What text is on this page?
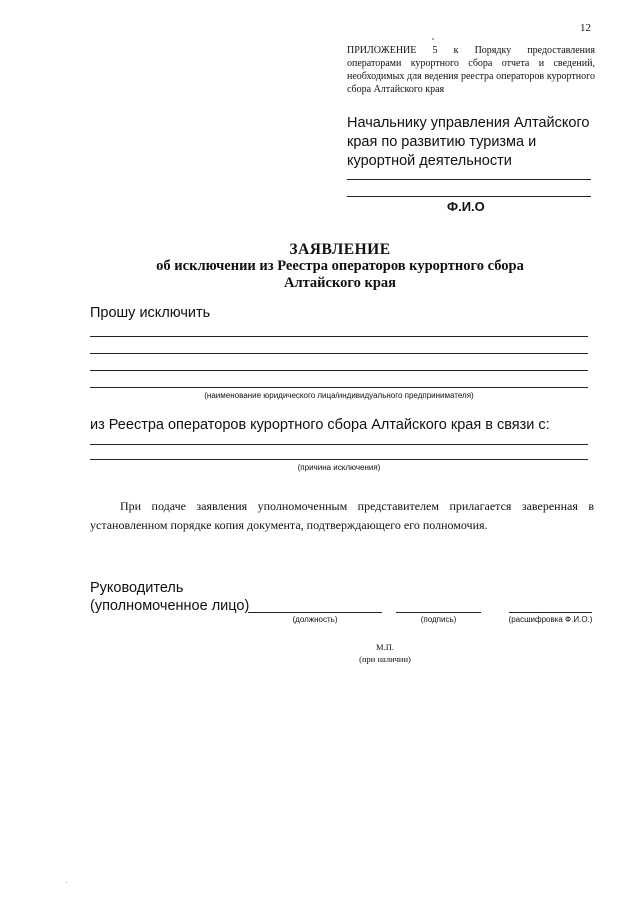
12
ПРИЛОЖЕНИЕ 5 к Порядку предоставления операторами курортного сбора отчета и сведений, необходимых для ведения реестра операторов курортного сбора Алтайского края
Начальнику управления Алтайского
края по развитию туризма и
курортной деятельности
Ф.И.О
ЗАЯВЛЕНИЕ
об исключении из Реестра операторов курортного сбора
Алтайского края
Прошу исключить
(наименование юридического лица/индивидуального предпринимателя)
из Реестра операторов курортного сбора Алтайского края в связи с:
(причина исключения)
При подаче заявления уполномоченным представителем прилагается заверенная в установленном порядке копия документа, подтверждающего его полномочия.
Руководитель
(уполномоченное лицо)
(должность)	(подпись)	(расшифровка Ф.И.О.)
М.П.
(при наличии)
